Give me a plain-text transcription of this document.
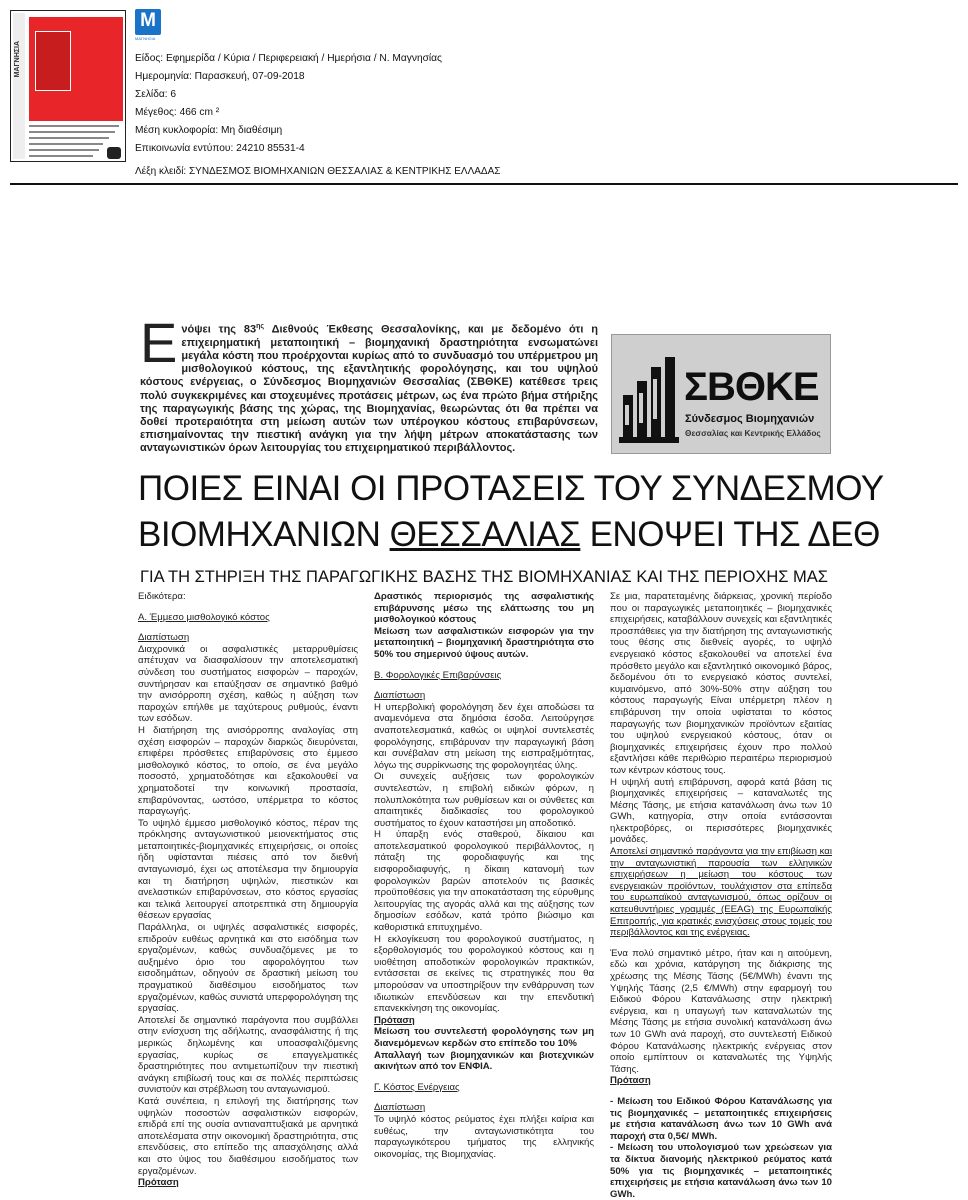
ΜΑΓΝΗΣΙΑ
M
ΜΑΓΝΗΣΙΑ
Είδος: Εφημερίδα / Κύρια / Περιφερειακή / Ημερήσια / Ν. Μαγνησίας
Ημερομηνία: Παρασκευή, 07-09-2018
Σελίδα: 6
Μέγεθος: 466 cm ²
Μέση κυκλοφορία: Μη διαθέσιμη
Επικοινωνία εντύπου: 24210 85531-4
Λέξη κλειδί: ΣΥΝΔΕΣΜΟΣ ΒΙΟΜΗΧΑΝΙΩΝ ΘΕΣΣΑΛΙΑΣ & ΚΕΝΤΡΙΚΗΣ ΕΛΛΑΔΑΣ
Ενόψει της $83^{\eta\varsigma}$ Διεθνούς Έκθεσης Θεσσαλονίκης, και με δεδομένο ότι η επιχειρηματική μεταποιητική – βιομηχανική δραστηριότητα ενσωματώνει μεγάλα κόστη που προέρχονται κυρίως από το συνδυασμό του υπέρμετρου μη μισθολογικού κόστους, της εξαντλητικής φορολόγησης, και του υψηλού κόστους ενέργειας, ο Σύνδεσμος Βιομηχανιών Θεσσαλίας (ΣΒΘΚΕ) κατέθεσε τρεις πολύ συγκεκριμένες και στοχευμένες προτάσεις μέτρων, ως ένα πρώτο βήμα στήριξης της παραγωγικής βάσης της χώρας, της Βιομηχανίας, θεωρώντας ότι θα πρέπει να δοθεί προτεραιότητα στη μείωση αυτών των υπέρογκου κόστους επιβαρύνσεων, επισημαίνοντας την πιεστική ανάγκη για την λήψη μέτρων αποκατάστασης των ανταγωνιστικών όρων λειτουργίας του επιχειρηματικού περιβάλλοντος.
ΣΒΘΚΕ
Σύνδεσμος Βιομηχανιών
Θεσσαλίας και Κεντρικής Ελλάδος
ΠΟΙΕΣ ΕΙΝΑΙ ΟΙ ΠΡΟΤΑΣΕΙΣ ΤΟΥ ΣΥΝΔΕΣΜΟΥ
ΒΙΟΜΗΧΑΝΙΩΝ ΘΕΣΣΑΛΙΑΣ ΕΝΟΨΕΙ ΤΗΣ ΔΕΘ
ΓΙΑ ΤΗ ΣΤΗΡΙΞΗ ΤΗΣ ΠΑΡΑΓΩΓΙΚΗΣ ΒΑΣΗΣ ΤΗΣ ΒΙΟΜΗΧΑΝΙΑΣ ΚΑΙ ΤΗΣ ΠΕΡΙΟΧΗΣ ΜΑΣ

Ειδικότερα:

Α. Έμμεσο μισθολογικό κόστος

Διαπίστωση

Διαχρονικά οι ασφαλιστικές μεταρρυθμίσεις απέτυχαν να διασφαλίσουν την αποτελεσματική σύνδεση του συστήματος εισφορών – παροχών, συντήρησαν και επαύξησαν σε σημαντικό βαθμό την ανισόρροπη σχέση, καθώς η αύξηση των παροχών επήλθε με ταχύτερους ρυθμούς, έναντι των εσόδων.

Η διατήρηση της ανισόρροπης αναλογίας στη σχέση εισφορών – παροχών διαρκώς διευρύνεται, επιφέρει πρόσθετες επιβαρύνσεις στο έμμεσο μισθολογικό κόστος, το οποίο, σε ένα μεγάλο ποσοστό, χρηματοδότησε και εξακολουθεί να χρηματοδοτεί την κοινωνική προστασία, επιβαρύνοντας, ωστόσο, υπέρμετρα το κόστος παραγωγής.

Το υψηλό έμμεσο μισθολογικό κόστος, πέραν της πρόκλησης ανταγωνιστικού μειονεκτήματος στις μεταποιητικές-βιομηχανικές επιχειρήσεις, οι οποίες ήδη υφίστανται πιέσεις από τον διεθνή ανταγωνισμό, έχει ως αποτέλεσμα την δημιουργία και τη διατήρηση υψηλών, πιεστικών και ανελαστικών επιβαρύνσεων, στο κόστος εργασίας και τελικά λειτουργεί αποτρεπτικά στη δημιουργία θέσεων εργασίας

Παράλληλα, οι υψηλές ασφαλιστικές εισφορές, επιδρούν ευθέως αρνητικά και στο εισόδημα των εργαζομένων, καθώς συνδυαζόμενες με το αυξημένο όριο του αφορολόγητου των εισοδημάτων, οδηγούν σε δραστική μείωση του πραγματικού διαθέσιμου εισοδήματος των εργαζομένων, καθώς συνιστά υπερφορολόγηση της εργασίας.

Αποτελεί δε σημαντικό παράγοντα που συμβάλλει στην ενίσχυση της αδήλωτης, ανασφάλιστης ή της μερικώς δηλωμένης και υποασφαλιζόμενης εργασίας, κυρίως σε επαγγελματικές δραστηριότητες που αντιμετωπίζουν την πιεστική ανάγκη επιβίωσή τους και σε πολλές περιπτώσεις συνιστούν και στρέβλωση του ανταγωνισμού.

Κατά συνέπεια, η επιλογή της διατήρησης των υψηλών ποσοστών ασφαλιστικών εισφορών, επιδρά επί της ουσία αντιαναπτυξιακά με αρνητικά αποτελέσματα στην οικονομική δραστηριότητα, στις επενδύσεις, στο επίπεδο της απασχόλησης αλλά και στο ύψος του διαθέσιμου εισοδήματος των εργαζομένων.

Πρόταση

Δραστικός περιορισμός της ασφαλιστικής επιβάρυνσης μέσω της ελάττωσης του μη μισθολογικού κόστους

Μείωση των ασφαλιστικών εισφορών για την μεταποιητική – βιομηχανική δραστηριότητα στο 50% του σημερινού ύψους αυτών.

Β. Φορολογικές Επιβαρύνσεις

Διαπίστωση

Η υπερβολική φορολόγηση δεν έχει αποδώσει τα αναμενόμενα στα δημόσια έσοδα. Λειτούργησε αναποτελεσματικά, καθώς οι υψηλοί συντελεστές φορολόγησης, επιβάρυναν την παραγωγική βάση και συνέβαλαν στη μείωση της εισπραξιμότητας, λόγω της συρρίκνωσης της φορολογητέας ύλης.

Οι συνεχείς αυξήσεις των φορολογικών συντελεστών, η επιβολή ειδικών φόρων, η πολυπλοκότητα των ρυθμίσεων και οι σύνθετες και απαιτητικές διαδικασίες του φορολογικού συστήματος το έχουν καταστήσει μη αποδοτικό.

Η ύπαρξη ενός σταθερού, δίκαιου και αποτελεσματικού φορολογικού περιβάλλοντος, η πάταξη της φοροδιαφυγής και της εισφοροδιαφυγής, η δίκαιη κατανομή των φορολογικών βαρών αποτελούν τις βασικές προϋποθέσεις για την αποκατάσταση της εύρυθμης λειτουργίας της αγοράς αλλά και της αύξησης των δημοσίων εσόδων, κατά τρόπο βιώσιμο και καθοριστικά επιτυχημένο.

Η εκλογίκευση του φορολογικού συστήματος, η εξορθολογισμός του φορολογικού κόστους και η υιοθέτηση αποδοτικών φορολογικών πρακτικών, εντάσσεται σε εκείνες τις στρατηγικές που θα μπορούσαν να υποστηρίξουν την ενθάρρυνση των ιδιωτικών επενδύσεων και την επενδυτική επανεκκίνηση της οικονομίας.

Πρόταση

Μείωση του συντελεστή φορολόγησης των μη διανεμόμενων κερδών στο επίπεδο του 10%

Απαλλαγή των βιομηχανικών και βιοτεχνικών ακινήτων από τον ΕΝΦΙΑ.

Γ. Κόστος Ενέργειας

Διαπίστωση

Το υψηλό κόστος ρεύματος έχει πλήξει καίρια και ευθέως, την ανταγωνιστικότητα του παραγωγικότερου τμήματος της ελληνικής οικονομίας, της Βιομηχανίας.

Σε μια, παρατεταμένης διάρκειας, χρονική περίοδο που οι παραγωγικές μεταποιητικές – βιομηχανικές επιχειρήσεις, καταβάλλουν συνεχείς και εξαντλητικές προσπάθειες για την διατήρηση της ανταγωνιστικής τους θέσης στις διεθνείς αγορές, το υψηλό ενεργειακό κόστος εξακολουθεί να αποτελεί ένα πρόσθετο μεγάλο και εξαντλητικό οικονομικό βάρος, δεδομένου ότι το ενεργειακό κόστος συντελεί, κυμαινόμενο, από 30%-50% στην αύξηση του κόστους παραγωγής Είναι υπέρμετρη πλέον η επιβάρυνση την οποία υφίσταται το κόστος παραγωγής των βιομηχανικών προϊόντων εξαιτίας του υψηλού ενεργειακού κόστους, όταν οι βιομηχανικές επιχειρήσεις έχουν προ πολλού εξαντλήσει κάθε περιθώριο περαιτέρω περιορισμού των κέντρων κόστους τους.

Η υψηλή αυτή επιβάρυνση, αφορά κατά βάση τις βιομηχανικές επιχειρήσεις – καταναλωτές της Μέσης Τάσης, με ετήσια κατανάλωση άνω των 10 GWh, κατηγορία, στην οποία εντάσσονται ηλεκτροβόρες, οι περισσότερες βιομηχανικές μονάδες.

Αποτελεί σημαντικό παράγοντα για την επιβίωση και την ανταγωνιστική παρουσία των ελληνικών επιχειρήσεων η μείωση του κόστους των ενεργειακών προϊόντων, τουλάχιστον στα επίπεδα του ευρωπαϊκού ανταγωνισμού, όπως ορίζουν οι κατευθυντήριες γραμμές (EEAG) της Ευρωπαϊκής Επιτροπής, για κρατικές ενισχύσεις στους τομείς του περιβάλλοντος και της ενέργειας.

Ένα πολύ σημαντικό μέτρο, ήταν και η αιτούμενη, εδώ και χρόνια, κατάργηση της διάκρισης της χρέωσης της Μέσης Τάσης (5€/MWh) έναντι της Υψηλής Τάσης (2,5 €/MWh) στην εφαρμογή του Ειδικού Φόρου Κατανάλωσης στην ηλεκτρική ενέργεια, και η υπαγωγή των καταναλωτών της Μέσης Τάσης με ετήσια συνολική κατανάλωση άνω των 10 GWh ανά παροχή, στο συντελεστή Ειδικού Φόρου Κατανάλωσης ηλεκτρικής ενέργειας στον οποίο εμπίπτουν οι καταναλωτές της Υψηλής Τάσης.

Πρόταση

- Μείωση του Ειδικού Φόρου Κατανάλωσης για τις βιομηχανικές – μεταποιητικές επιχειρήσεις με ετήσια κατανάλωση άνω των 10 GWh ανά παροχή στα 0,5€/ MWh.

- Μείωση του υπολογισμού των χρεώσεων για τα δίκτυα διανομής ηλεκτρικού ρεύματος κατά 50% για τις βιομηχανικές – μεταποιητικές επιχειρήσεις με ετήσια κατανάλωση άνω των 10 GWh.
